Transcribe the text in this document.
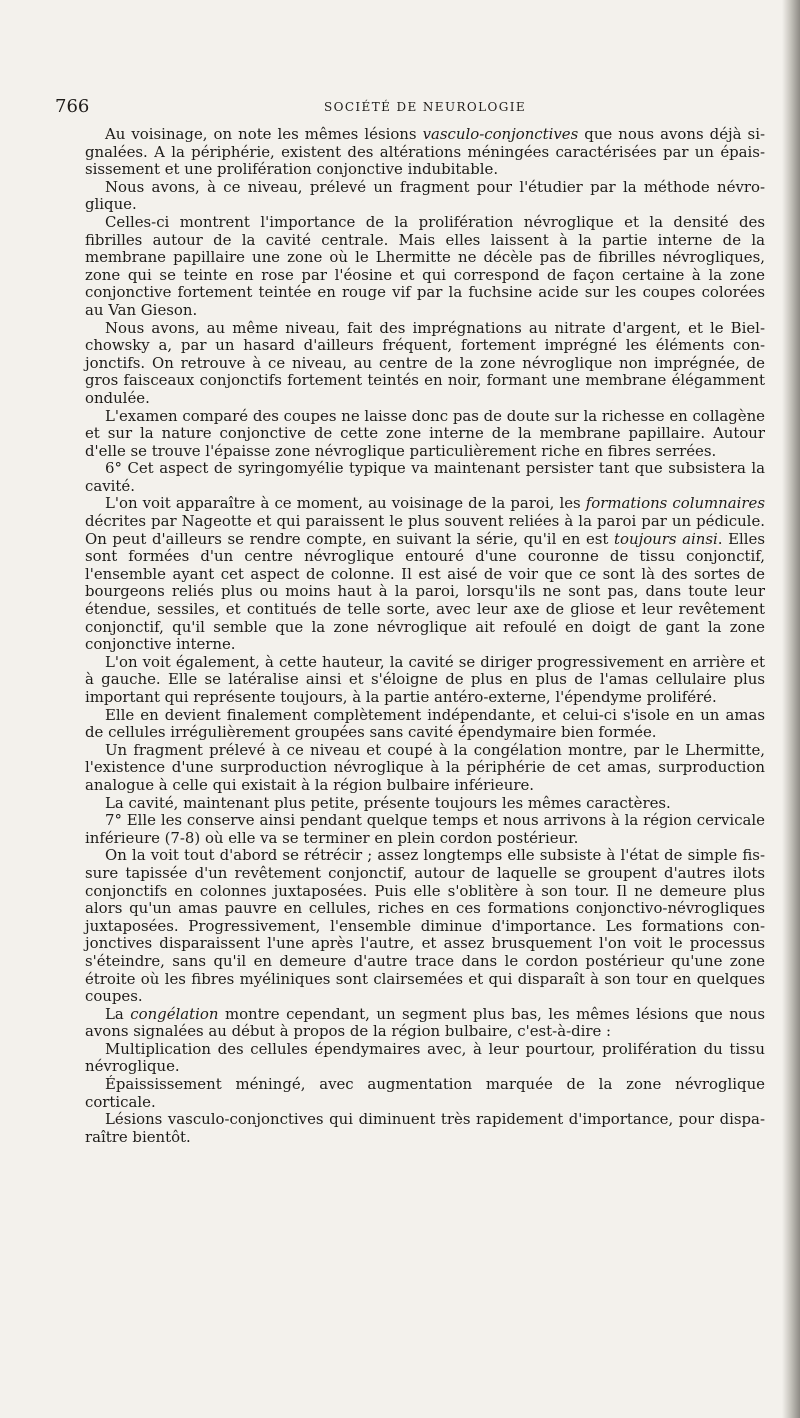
766	SOCIÉTÉ DE NEUROLOGIE

Au voisinage, on note les mêmes lésions vasculo-conjonctives que nous avons déjà signalées. A la périphérie, existent des altérations méningées caractérisées par un épaississement et une prolifération conjonctive indubitable.

Nous avons, à ce niveau, prélevé un fragment pour l'étudier par la méthode névroglique.

Celles-ci montrent l'importance de la prolifération névroglique et la densité des fibrilles autour de la cavité centrale. Mais elles laissent à la partie interne de la membrane papillaire une zone où le Lhermitte ne décèle pas de fibrilles névrogliques, zone qui se teinte en rose par l'éosine et qui correspond de façon certaine à la zone conjonctive fortement teintée en rouge vif par la fuchsine acide sur les coupes colorées au Van Gieson.

Nous avons, au même niveau, fait des imprégnations au nitrate d'argent, et le Bielchowsky a, par un hasard d'ailleurs fréquent, fortement imprégné les éléments conjonctifs. On retrouve à ce niveau, au centre de la zone névroglique non imprégnée, de gros faisceaux conjonctifs fortement teintés en noir, formant une membrane élégamment ondulée.

L'examen comparé des coupes ne laisse donc pas de doute sur la richesse en collagène et sur la nature conjonctive de cette zone interne de la membrane papillaire. Autour d'elle se trouve l'épaisse zone névroglique particulièrement riche en fibres serrées.

6° Cet aspect de syringomyélie typique va maintenant persister tant que subsistera la cavité.

L'on voit apparaître à ce moment, au voisinage de la paroi, les formations columnaires décrites par Nageotte et qui paraissent le plus souvent reliées à la paroi par un pédicule. On peut d'ailleurs se rendre compte, en suivant la série, qu'il en est toujours ainsi. Elles sont formées d'un centre névroglique entouré d'une couronne de tissu conjonctif, l'ensemble ayant cet aspect de colonne. Il est aisé de voir que ce sont là des sortes de bourgeons reliés plus ou moins haut à la paroi, lorsqu'ils ne sont pas, dans toute leur étendue, sessiles, et contitués de telle sorte, avec leur axe de gliose et leur revêtement conjonctif, qu'il semble que la zone névroglique ait refoulé en doigt de gant la zone conjonctive interne.

L'on voit également, à cette hauteur, la cavité se diriger progressivement en arrière et à gauche. Elle se latéralise ainsi et s'éloigne de plus en plus de l'amas cellulaire plus important qui représente toujours, à la partie antéro-externe, l'épendyme proliféré.

Elle en devient finalement complètement indépendante, et celui-ci s'isole en un amas de cellules irrégulièrement groupées sans cavité épendymaire bien formée.

Un fragment prélevé à ce niveau et coupé à la congélation montre, par le Lhermitte, l'existence d'une surproduction névroglique à la périphérie de cet amas, surproduction analogue à celle qui existait à la région bulbaire inférieure.

La cavité, maintenant plus petite, présente toujours les mêmes caractères.

7° Elle les conserve ainsi pendant quelque temps et nous arrivons à la région cervicale inférieure (7-8) où elle va se terminer en plein cordon postérieur.

On la voit tout d'abord se rétrécir ; assez longtemps elle subsiste à l'état de simple fissure tapissée d'un revêtement conjonctif, autour de laquelle se groupent d'autres ilots conjonctifs en colonnes juxtaposées. Puis elle s'oblitère à son tour. Il ne demeure plus alors qu'un amas pauvre en cellules, riches en ces formations conjonctivo-névrogliques juxtaposées. Progressivement, l'ensemble diminue d'importance. Les formations conjonctives disparaissent l'une après l'autre, et assez brusquement l'on voit le processus s'éteindre, sans qu'il en demeure d'autre trace dans le cordon postérieur qu'une zone étroite où les fibres myéliniques sont clairsemées et qui disparaît à son tour en quelques coupes.

La congélation montre cependant, un segment plus bas, les mêmes lésions que nous avons signalées au début à propos de la région bulbaire, c'est-à-dire :

Multiplication des cellules épendymaires avec, à leur pourtour, prolifération du tissu névroglique.

Épaississement méningé, avec augmentation marquée de la zone névroglique corticale.

Lésions vasculo-conjonctives qui diminuent très rapidement d'importance, pour disparaître bientôt.
